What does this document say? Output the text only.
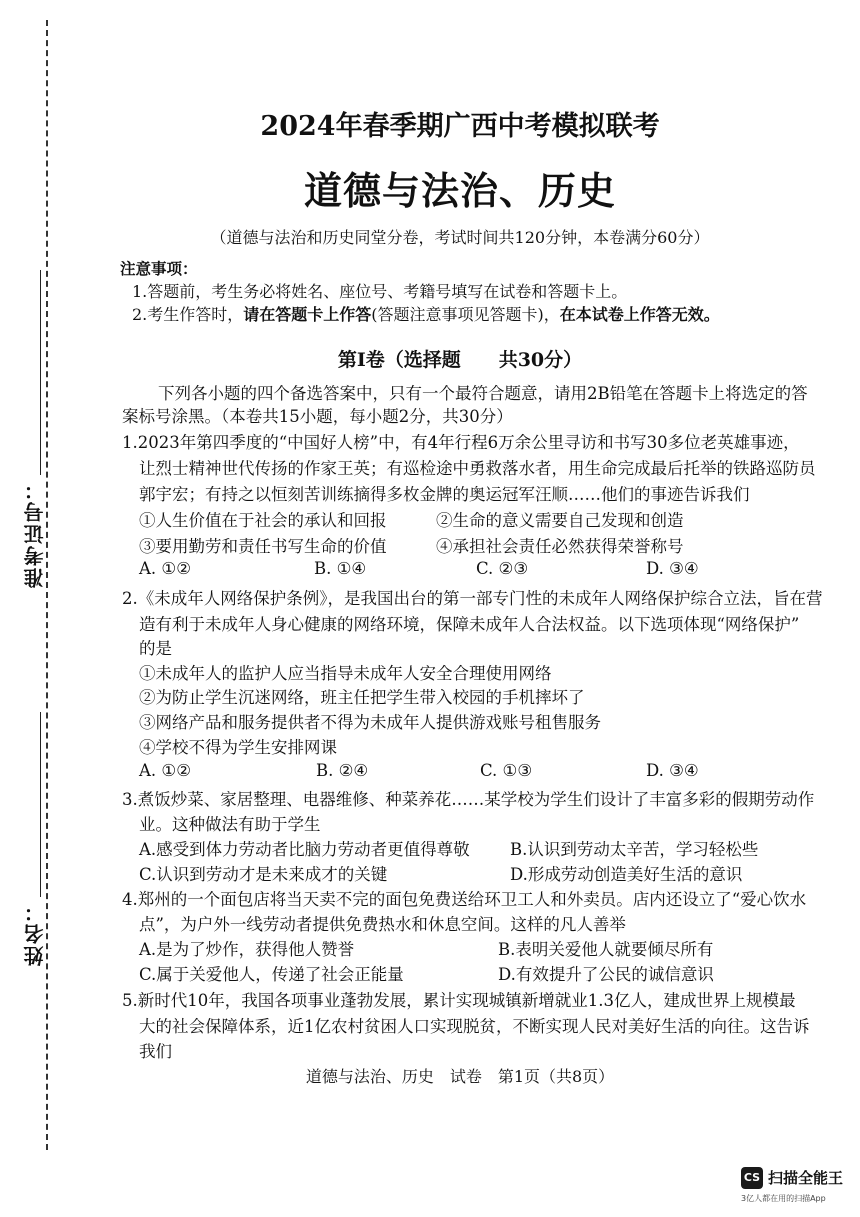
准考证号：
姓名：
2024年春季期广西中考模拟联考
道德与法治、历史
（道德与法治和历史同堂分卷，考试时间共120分钟，本卷满分60分）
注意事项：
1.答题前，考生务必将姓名、座位号、考籍号填写在试卷和答题卡上。
2.考生作答时，请在答题卡上作答(答题注意事项见答题卡)，在本试卷上作答无效。
第Ⅰ卷（选择题　　共30分）
下列各小题的四个备选答案中，只有一个最符合题意，请用2B铅笔在答题卡上将选定的答
案标号涂黑。（本卷共15小题，每小题2分，共30分）
1.2023年第四季度的“中国好人榜”中，有4年行程6万余公里寻访和书写30多位老英雄事迹，
让烈士精神世代传扬的作家王英；有巡检途中勇救落水者，用生命完成最后托举的铁路巡防员
郭宇宏；有持之以恒刻苦训练摘得多枚金牌的奥运冠军汪顺……他们的事迹告诉我们
①人生价值在于社会的承认和回报	②生命的意义需要自己发现和创造
③要用勤劳和责任书写生命的价值	④承担社会责任必然获得荣誉称号
A. ①②	B. ①④	C. ②③	D. ③④
2.《未成年人网络保护条例》，是我国出台的第一部专门性的未成年人网络保护综合立法，旨在营
造有利于未成年人身心健康的网络环境，保障未成年人合法权益。以下选项体现“网络保护”
的是
①未成年人的监护人应当指导未成年人安全合理使用网络
②为防止学生沉迷网络，班主任把学生带入校园的手机摔坏了
③网络产品和服务提供者不得为未成年人提供游戏账号租售服务
④学校不得为学生安排网课
A. ①②	B. ②④	C. ①③	D. ③④
3.煮饭炒菜、家居整理、电器维修、种菜养花……某学校为学生们设计了丰富多彩的假期劳动作
业。这种做法有助于学生
A.感受到体力劳动者比脑力劳动者更值得尊敬 B.认识到劳动太辛苦，学习轻松些
C.认识到劳动才是未来成才的关键	D.形成劳动创造美好生活的意识
4.郑州的一个面包店将当天卖不完的面包免费送给环卫工人和外卖员。店内还设立了“爱心饮水
点”，为户外一线劳动者提供免费热水和休息空间。这样的凡人善举
A.是为了炒作，获得他人赞誉	B.表明关爱他人就要倾尽所有
C.属于关爱他人，传递了社会正能量	D.有效提升了公民的诚信意识
5.新时代10年，我国各项事业蓬勃发展，累计实现城镇新增就业1.3亿人，建成世界上规模最
大的社会保障体系，近1亿农村贫困人口实现脱贫，不断实现人民对美好生活的向往。这告诉
我们
道德与法治、历史　试卷　第1页（共8页）
CS 扫描全能王
3亿人都在用的扫描App
